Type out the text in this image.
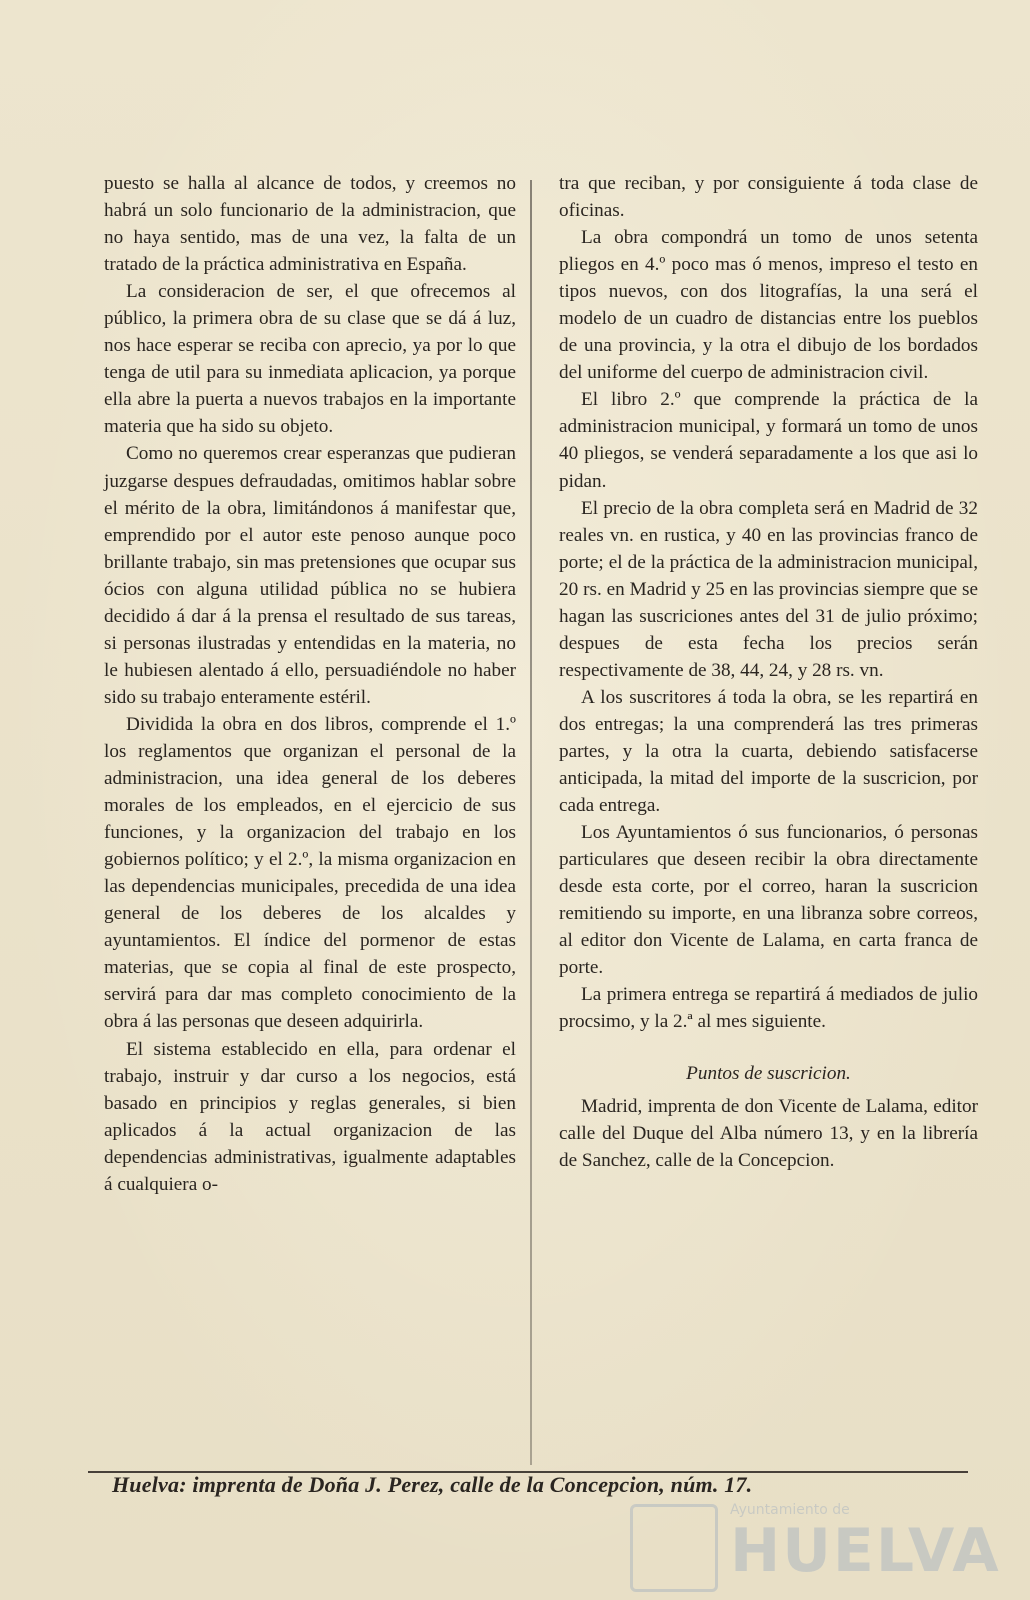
puesto se halla al alcance de todos, y creemos no habrá un solo funcionario de la administracion, que no haya sentido, mas de una vez, la falta de un tratado de la práctica administrativa en España.

La consideracion de ser, el que ofrecemos al público, la primera obra de su clase que se dá á luz, nos hace esperar se reciba con aprecio, ya por lo que tenga de util para su inmediata aplicacion, ya porque ella abre la puerta a nuevos trabajos en la importante materia que ha sido su objeto.

Como no queremos crear esperanzas que pudieran juzgarse despues defraudadas, omitimos hablar sobre el mérito de la obra, limitándonos á manifestar que, emprendido por el autor este penoso aunque poco brillante trabajo, sin mas pretensiones que ocupar sus ócios con alguna utilidad pública no se hubiera decidido á dar á la prensa el resultado de sus tareas, si personas ilustradas y entendidas en la materia, no le hubiesen alentado á ello, persuadiéndole no haber sido su trabajo enteramente estéril.

Dividida la obra en dos libros, comprende el 1.º los reglamentos que organizan el personal de la administracion, una idea general de los deberes morales de los empleados, en el ejercicio de sus funciones, y la organizacion del trabajo en los gobiernos político; y el 2.º, la misma organizacion en las dependencias municipales, precedida de una idea general de los deberes de los alcaldes y ayuntamientos. El índice del pormenor de estas materias, que se copia al final de este prospecto, servirá para dar mas completo conocimiento de la obra á las personas que deseen adquirirla.

El sistema establecido en ella, para ordenar el trabajo, instruir y dar curso a los negocios, está basado en principios y reglas generales, si bien aplicados á la actual organizacion de las dependencias administrativas, igualmente adaptables á cualquiera o-

tra que reciban, y por consiguiente á toda clase de oficinas.

La obra compondrá un tomo de unos setenta pliegos en 4.º poco mas ó menos, impreso el testo en tipos nuevos, con dos litografías, la una será el modelo de un cuadro de distancias entre los pueblos de una provincia, y la otra el dibujo de los bordados del uniforme del cuerpo de administracion civil.

El libro 2.º que comprende la práctica de la administracion municipal, y formará un tomo de unos 40 pliegos, se venderá separadamente a los que asi lo pidan.

El precio de la obra completa será en Madrid de 32 reales vn. en rustica, y 40 en las provincias franco de porte; el de la práctica de la administracion municipal, 20 rs. en Madrid y 25 en las provincias siempre que se hagan las suscriciones antes del 31 de julio próximo; despues de esta fecha los precios serán respectivamente de 38, 44, 24, y 28 rs. vn.

A los suscritores á toda la obra, se les repartirá en dos entregas; la una comprenderá las tres primeras partes, y la otra la cuarta, debiendo satisfacerse anticipada, la mitad del importe de la suscricion, por cada entrega.

Los Ayuntamientos ó sus funcionarios, ó personas particulares que deseen recibir la obra directamente desde esta corte, por el correo, haran la suscricion remitiendo su importe, en una libranza sobre correos, al editor don Vicente de Lalama, en carta franca de porte.

La primera entrega se repartirá á mediados de julio procsimo, y la 2.ª al mes siguiente.

Puntos de suscricion.

Madrid, imprenta de don Vicente de Lalama, editor calle del Duque del Alba número 13, y en la librería de Sanchez, calle de la Concepcion.

Huelva: imprenta de Doña J. Perez, calle de la Concepcion, núm. 17.
Ayuntamiento de
HUELVA
